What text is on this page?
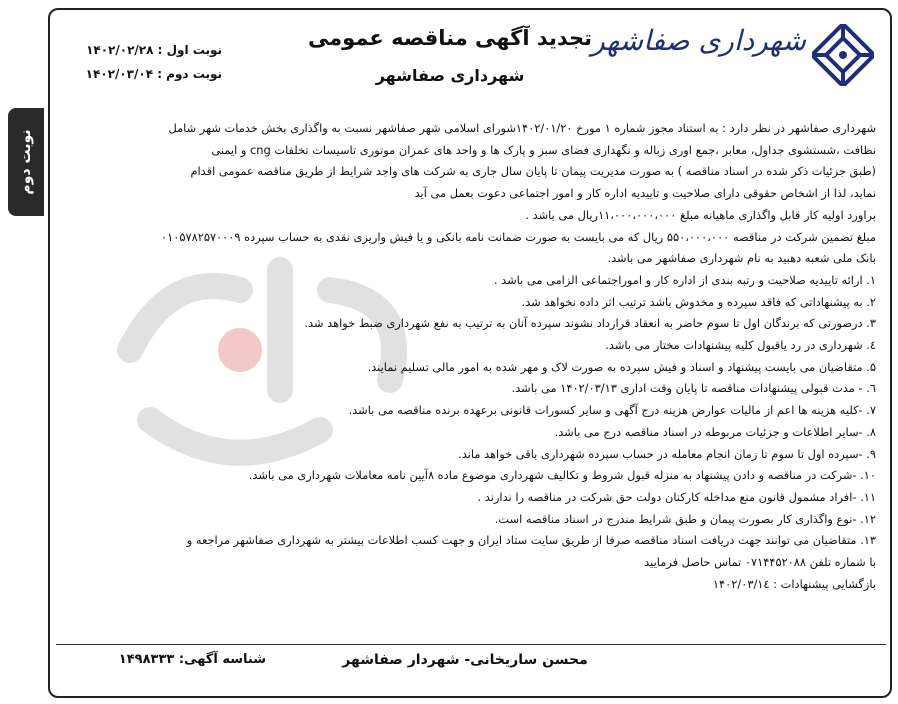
نوبت دوم
شهرداری صفاشهر
تجدید آگهی مناقصه عمومی
شهرداری صفاشهر
نوبت اول : ۱۴۰۲/۰۲/۲۸
نوبت دوم : ۱۴۰۲/۰۳/۰۴

شهرداری صفاشهر در نظر دارد : به استناد مجوز شماره ۱ مورخ ۱۴۰۲/۰۱/۲۰شورای اسلامی شهر صفاشهر نسبت به واگذاری بخش خدمات شهر شامل

نظافت ،شستشوی جداول، معابر ،جمع اوری زباله و نگهداری فضای سبز و پارک ها و واحد های عمران موتوری تاسیسات تخلفات cng و ایمنی

(طبق جزئیات ذکر شده در اسناد مناقصه ) به صورت مدیریت پیمان تا پایان سال جاری به شرکت های واجد شرایط از طریق مناقصه عمومی اقدام

نماید، لذا از اشخاص حقوقی دارای صلاحیت و تاییدیه اداره کار و امور اجتماعی دعوت بعمل می آید

براورد اولیه کار قابل واگذاری ماهیانه مبلغ ۱۱،۰۰۰،۰۰۰،۰۰۰ریال می باشد .

مبلغ تضمین شرکت در مناقصه ۵۵۰،۰۰۰،۰۰۰ ریال که می بایست به صورت ضمانت نامه بانکی و یا فیش واریزی نقدی به حساب سپرده ۰۱۰۵۷۸۲۵۷۰۰۰۹

بانک ملی شعبه دهبید به نام شهرداری صفاشهر می باشد.

۱. ارائه تاییدیه صلاحیت و رتبه بندی از اداره کار و اموراجتماعی الزامی می باشد .

۲. به پیشنهاداتی که فاقد سپرده و مخدوش باشد ترتیب اثر داده نخواهد شد.

۳. درصورتی که برندگان اول تا سوم حاضر به انعقاد قرارداد نشوند سپرده آنان به ترتیب به نفع شهرداری ضبط خواهد شد.

٤. شهرداری در رد یاقبول کلیه پیشنهادات مختار می باشد.

۵. متقاضیان می بایست پیشنهاد و اسناد و فیش سپرده به صورت لاک و مهر شده به امور مالی تسلیم نمایند.

٦. - مدت قبولی پیشنهادات مناقصه تا پایان وقت اداری ۱۴۰۲/۰۳/۱۳ می باشد.

۷. -کلیه هزینه ها اعم از مالیات عوارض هزینه درج آگهی و سایر کسورات قانونی برعهده برنده مناقصه می باشد.

۸. -سایر اطلاعات و جزئیات مربوطه در اسناد مناقصه درج می باشد.

۹. -سپرده اول تا سوم تا زمان انجام معامله در حساب سپرده شهرداری باقی خواهد ماند.

۱۰. -شرکت در مناقصه و دادن پیشنهاد به منزله قبول شروط و تکالیف شهرداری موضوع ماده ۸آیین نامه معاملات شهرداری می باشد.

۱۱. -افراد مشمول قانون منع مداخله کارکنان دولت حق شرکت در مناقصه را ندارند .

۱۲. -نوع واگذاری کار بصورت پیمان و طبق شرایط مندرج در اسناد مناقصه است.

۱۳. متقاضیان می توانند جهت دریافت اسناد مناقصه صرفا از طریق سایت ستاد ایران و جهت کسب اطلاعات بیشتر به شهرداری صفاشهر مراجعه و

با شماره تلفن ۰۷۱۴۴۵۲۰۸۸ تماس حاصل فرمایید

بازگشایی پیشنهادات : ۱۴۰۲/۰۳/۱٤

محسن ساریخانی- شهردار صفاشهر
شناسه آگهی: ۱۴۹۸۳۳۳
